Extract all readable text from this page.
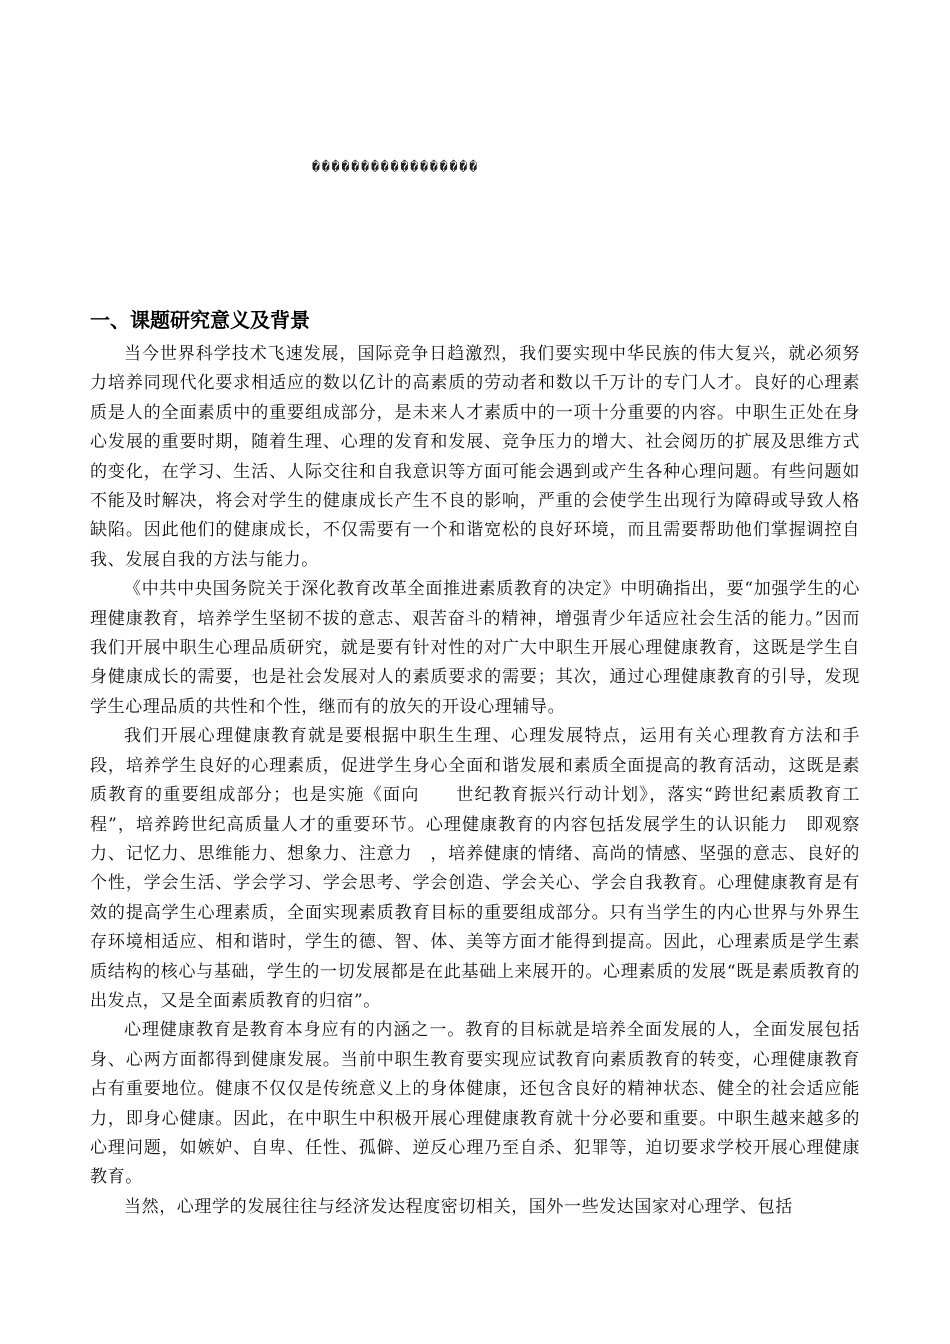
�����������������
一、课题研究意义及背景

当今世界科学技术飞速发展，国际竞争日趋激烈，我们要实现中华民族的伟大复兴，就必须努力培养同现代化要求相适应的数以亿计的高素质的劳动者和数以千万计的专门人才。良好的心理素质是人的全面素质中的重要组成部分，是未来人才素质中的一项十分重要的内容。中职生正处在身心发展的重要时期，随着生理、心理的发育和发展、竞争压力的增大、社会阅历的扩展及思维方式的变化，在学习、生活、人际交往和自我意识等方面可能会遇到或产生各种心理问题。有些问题如不能及时解决，将会对学生的健康成长产生不良的影响，严重的会使学生出现行为障碍或导致人格缺陷。因此他们的健康成长，不仅需要有一个和谐宽松的良好环境，而且需要帮助他们掌握调控自我、发展自我的方法与能力。

《中共中央国务院关于深化教育改革全面推进素质教育的决定》中明确指出，要“加强学生的心理健康教育，培养学生坚韧不拔的意志、艰苦奋斗的精神，增强青少年适应社会生活的能力。”因而我们开展中职生心理品质研究，就是要有针对性的对广大中职生开展心理健康教育，这既是学生自身健康成长的需要，也是社会发展对人的素质要求的需要；其次，通过心理健康教育的引导，发现学生心理品质的共性和个性，继而有的放矢的开设心理辅导。

我们开展心理健康教育就是要根据中职生生理、心理发展特点，运用有关心理教育方法和手段，培养学生良好的心理素质，促进学生身心全面和谐发展和素质全面提高的教育活动，这既是素质教育的重要组成部分；也是实施《面向　　世纪教育振兴行动计划》，落实“跨世纪素质教育工程”，培养跨世纪高质量人才的重要环节。心理健康教育的内容包括发展学生的认识能力　即观察力、记忆力、思维能力、想象力、注意力　，培养健康的情绪、高尚的情感、坚强的意志、良好的个性，学会生活、学会学习、学会思考、学会创造、学会关心、学会自我教育。心理健康教育是有效的提高学生心理素质，全面实现素质教育目标的重要组成部分。只有当学生的内心世界与外界生存环境相适应、相和谐时，学生的德、智、体、美等方面才能得到提高。因此，心理素质是学生素质结构的核心与基础，学生的一切发展都是在此基础上来展开的。心理素质的发展“既是素质教育的出发点，又是全面素质教育的归宿”。

心理健康教育是教育本身应有的内涵之一。教育的目标就是培养全面发展的人，全面发展包括身、心两方面都得到健康发展。当前中职生教育要实现应试教育向素质教育的转变，心理健康教育占有重要地位。健康不仅仅是传统意义上的身体健康，还包含良好的精神状态、健全的社会适应能力，即身心健康。因此，在中职生中积极开展心理健康教育就十分必要和重要。中职生越来越多的心理问题，如嫉妒、自卑、任性、孤僻、逆反心理乃至自杀、犯罪等，迫切要求学校开展心理健康教育。

当然，心理学的发展往往与经济发达程度密切相关，国外一些发达国家对心理学、包括
